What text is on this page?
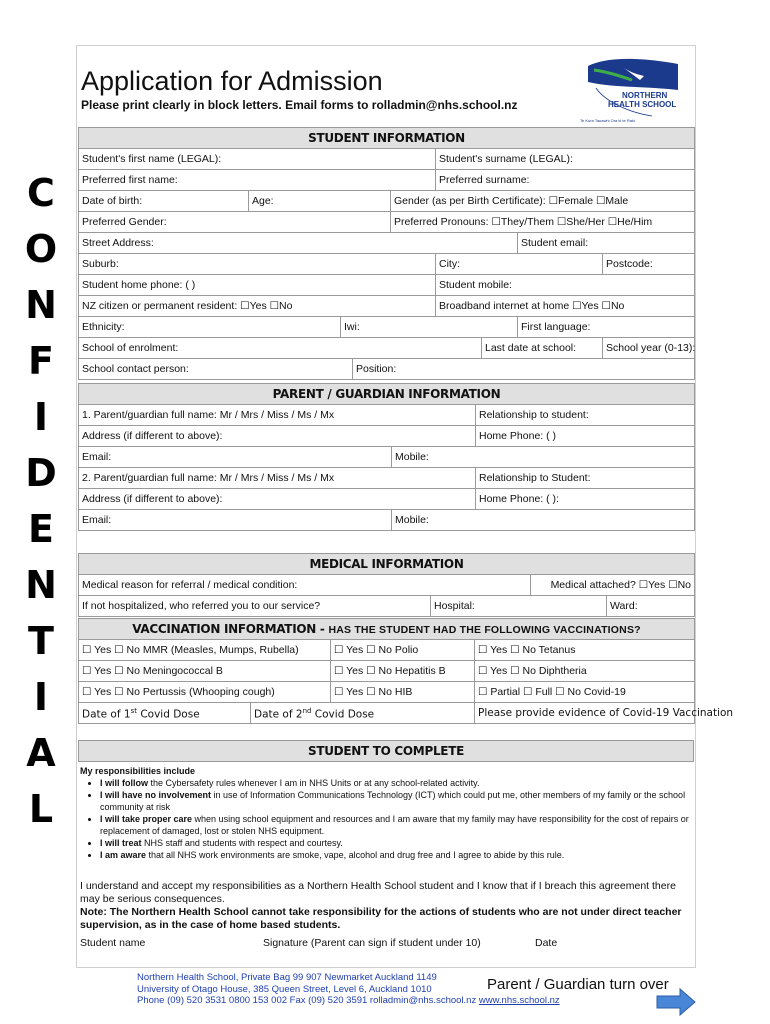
C
O
N
F
I
D
E
N
T
I
A
L
Application for Admission
Please print clearly in block letters. Email forms to rolladmin@nhs.school.nz
NORTHERN
HEALTH SCHOOL
Te Kura Tauawhi Ora ki te Raki
STUDENT INFORMATION								
Student's first name (LEGAL):					Student's surname (LEGAL):			
Preferred first name:					Preferred surname:			
Date of birth:	Age:			Gender (as per Birth Certificate): ☐Female ☐Male				
Preferred Gender:				Preferred Pronouns: ☐They/Them ☐She/Her ☐He/Him				
Street Address:							Student email:	
Suburb:					City:			Postcode:
Student home phone: ( )					Student mobile:			
NZ citizen or permanent resident: ☐Yes ☐No					Broadband internet at home ☐Yes ☐No			
Ethnicity:		Iwi:					First language:	
School of enrolment:						Last date at school:		School year (0-13):
School contact person:			Position:					
PARENT / GUARDIAN INFORMATION		
1. Parent/guardian full name: Mr / Mrs / Miss / Ms / Mx		Relationship to student:
Address (if different to above):		Home Phone: ( )
Email:	Mobile:	
2. Parent/guardian full name: Mr / Mrs / Miss / Ms / Mx		Relationship to Student:
Address (if different to above):		Home Phone: ( ):
Email:	Mobile:	
MEDICAL INFORMATION			
Medical reason for referral / medical condition:		Medical attached? ☐Yes ☐No	
If not hospitalized, who referred you to our service?	Hospital:		Ward:
VACCINATION INFORMATION - HAS THE STUDENT HAD THE FOLLOWING VACCINATIONS?			
☐ Yes ☐ No MMR (Measles, Mumps, Rubella)		☐ Yes ☐ No Polio	☐ Yes ☐ No Tetanus
☐ Yes ☐ No Meningococcal B		☐ Yes ☐ No Hepatitis B	☐ Yes ☐ No Diphtheria
☐ Yes ☐ No Pertussis (Whooping cough)		☐ Yes ☐ No HIB	☐ Partial ☐ Full ☐ No Covid-19
Date of 1st Covid Dose	Date of 2nd Covid Dose		Please provide evidence of Covid-19 Vaccination
STUDENT TO COMPLETE
My responsibilities include
• I will follow the Cybersafety rules whenever I am in NHS Units or at any school-related activity.
• I will have no involvement in use of Information Communications Technology (ICT) which could put me, other members of my family or the school community at risk
• I will take proper care when using school equipment and resources and I am aware that my family may have responsibility for the cost of repairs or replacement of damaged, lost or stolen NHS equipment.
• I will treat NHS staff and students with respect and courtesy.
• I am aware that all NHS work environments are smoke, vape, alcohol and drug free and I agree to abide by this rule.
I understand and accept my responsibilities as a Northern Health School student and I know that if I breach this agreement there may be serious consequences.
Note: The Northern Health School cannot take responsibility for the actions of students who are not under direct teacher supervision, as in the case of home based students.
Student name	Signature (Parent can sign if student under 10)	Date
Northern Health School, Private Bag 99 907 Newmarket Auckland 1149
University of Otago House, 385 Queen Street, Level 6, Auckland 1010
Phone (09) 520 3531 0800 153 002 Fax (09) 520 3591 rolladmin@nhs.school.nz www.nhs.school.nz
Parent / Guardian turn over
